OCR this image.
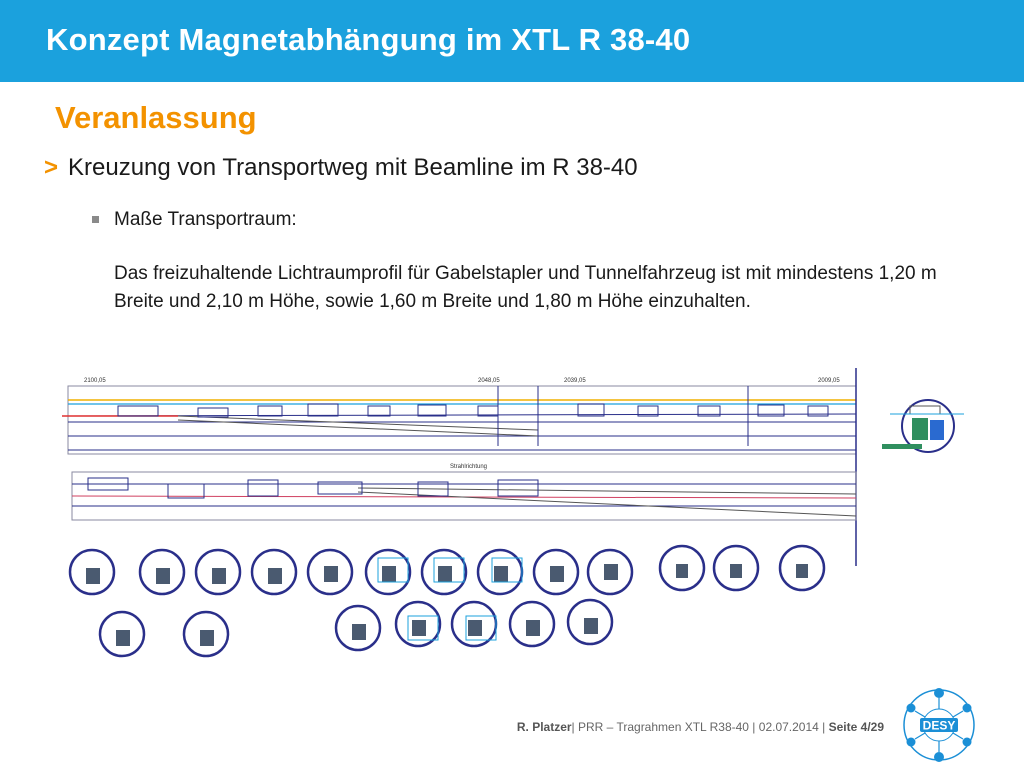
Konzept Magnetabhängung im XTL R 38-40
Veranlassung
> Kreuzung von Transportweg mit Beamline im R 38-40
Maße Transportraum:
Das freizuhaltende Lichtraumprofil für Gabelstapler und Tunnelfahrzeug ist mit mindestens 1,20 m Breite und 2,10 m Höhe, sowie 1,60 m Breite und 1,80 m Höhe einzuhalten.
2100,05	2048,05	2039,05	2009,05
Strahlrichtung
R. Platzer| PRR – Tragrahmen XTL R38-40 | 02.07.2014 | Seite 4/29	DESY
